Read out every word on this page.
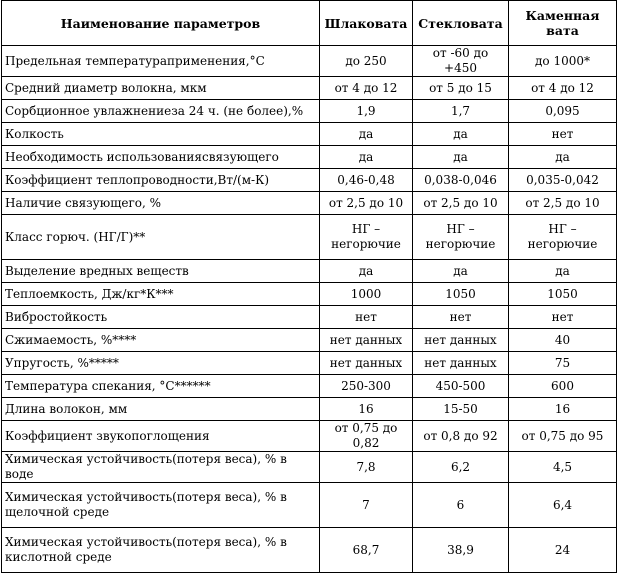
Наименование параметров	Шлаковата	Стекловата	Каменная вата
Предельная температураприменения,°С	до 250	от -60 до +450	до 1000*
Средний диаметр волокна, мкм	от 4 до 12	от 5 до 15	от 4 до 12
Сорбционное увлажнениеза 24 ч. (не более),%	1,9	1,7	0,095
Колкость	да	да	нет
Необходимость использованиясвязующего	да	да	да
Коэффициент теплопроводности,Вт/(м-К)	0,46-0,48	0,038-0,046	0,035-0,042
Наличие связующего, %	от 2,5 до 10	от 2,5 до 10	от 2,5 до 10
Класс горюч. (НГ/Г)**	НГ – негорючие	НГ – негорючие	НГ – негорючие
Выделение вредных веществ	да	да	да
Теплоемкость, Дж/кг*К***	1000	1050	1050
Вибростойкость	нет	нет	нет
Сжимаемость, %****	нет данных	нет данных	40
Упругость, %*****	нет данных	нет данных	75
Температура спекания, °С******	250-300	450-500	600
Длина волокон, мм	16	15-50	16
Коэффициент звукопоглощения	от 0,75 до 0,82	от 0,8 до 92	от 0,75 до 95
Химическая устойчивость(потеря веса), % в воде	7,8	6,2	4,5
Химическая устойчивость(потеря веса), % в щелочной среде	7	6	6,4
Химическая устойчивость(потеря веса), % в кислотной среде	68,7	38,9	24
